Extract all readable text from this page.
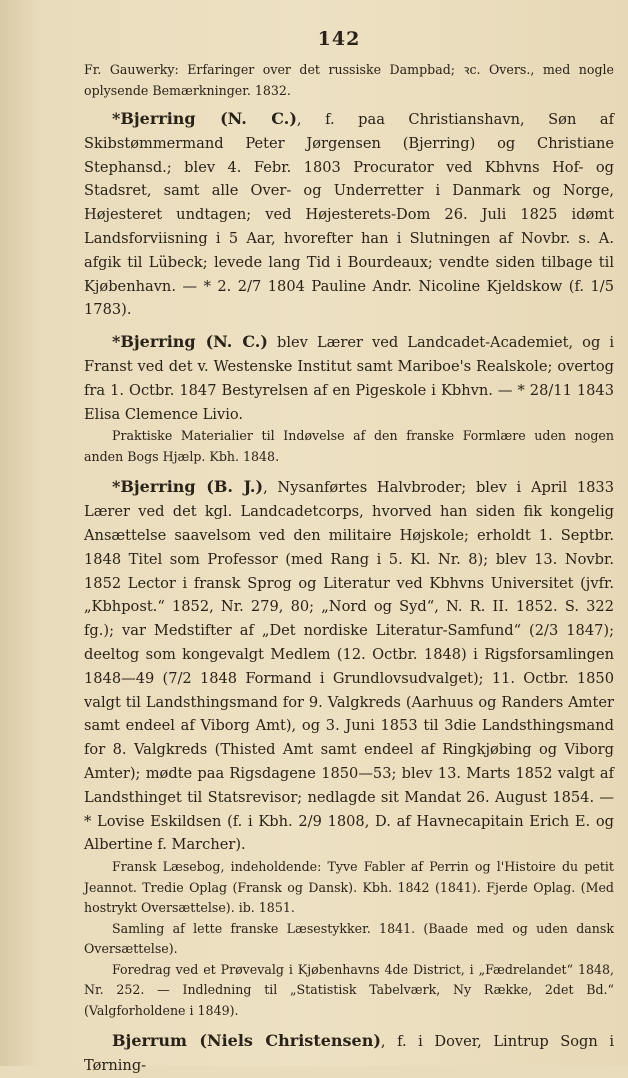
142

Fr. Gauwerky: Erfaringer over det russiske Dampbad; ꝛc. Overs., med nogle oplysende Bemærkninger. 1832.

*Bjerring (N. C.), f. paa Christianshavn, Søn af Skibstømmermand Peter Jørgensen (Bjerring) og Christiane Stephansd.; blev 4. Febr. 1803 Procurator ved Kbhvns Hof- og Stadsret, samt alle Over- og Underretter i Danmark og Norge, Højesteret undtagen; ved Højesterets-Dom 26. Juli 1825 idømt Landsforviisning i 5 Aar, hvorefter han i Slutningen af Novbr. s. A. afgik til Lübeck; levede lang Tid i Bourdeaux; vendte siden tilbage til Kjøbenhavn. — * 2. 2/7 1804 Pauline Andr. Nicoline Kjeldskow (f. 1/5 1783).
*Bjerring (N. C.) blev Lærer ved Landcadet-Academiet, og i Franst ved det v. Westenske Institut samt Mariboe's Realskole; overtog fra 1. Octbr. 1847 Bestyrelsen af en Pigeskole i Kbhvn. — * 28/11 1843 Elisa Clemence Livio.

Praktiske Materialier til Indøvelse af den franske Formlære uden nogen anden Bogs Hjælp. Kbh. 1848.

*Bjerring (B. J.), Nysanførtes Halvbroder; blev i April 1833 Lærer ved det kgl. Landcadetcorps, hvorved han siden fik kongelig Ansættelse saavelsom ved den militaire Højskole; erholdt 1. Septbr. 1848 Titel som Professor (med Rang i 5. Kl. Nr. 8); blev 13. Novbr. 1852 Lector i fransk Sprog og Literatur ved Kbhvns Universitet (jvfr. „Kbhpost.“ 1852, Nr. 279, 80; „Nord og Syd“, N. R. II. 1852. S. 322 fg.); var Medstifter af „Det nordiske Literatur-Samfund“ (2/3 1847); deeltog som kongevalgt Medlem (12. Octbr. 1848) i Rigsforsamlingen 1848—49 (7/2 1848 Formand i Grundlovsudvalget); 11. Octbr. 1850 valgt til Landsthingsmand for 9. Valgkreds (Aarhuus og Randers Amter samt endeel af Viborg Amt), og 3. Juni 1853 til 3die Landsthingsmand for 8. Valgkreds (Thisted Amt samt endeel af Ringkjøbing og Viborg Amter); mødte paa Rigsdagene 1850—53; blev 13. Marts 1852 valgt af Landsthinget til Statsrevisor; nedlagde sit Mandat 26. August 1854. — * Lovise Eskildsen (f. i Kbh. 2/9 1808, D. af Havnecapitain Erich E. og Albertine f. Marcher).

Fransk Læsebog, indeholdende: Tyve Fabler af Perrin og l'Histoire du petit Jeannot. Tredie Oplag (Fransk og Dansk). Kbh. 1842 (1841). Fjerde Oplag. (Med hostrykt Oversættelse). ib. 1851.

Samling af lette franske Læsestykker. 1841. (Baade med og uden dansk Oversættelse).

Foredrag ved et Prøvevalg i Kjøbenhavns 4de District, i „Fædrelandet“ 1848, Nr. 252. — Indledning til „Statistisk Tabelværk, Ny Række, 2det Bd.“ (Valgforholdene i 1849).

Bjerrum (Niels Christensen), f. i Dover, Lintrup Sogn i Tørning-
